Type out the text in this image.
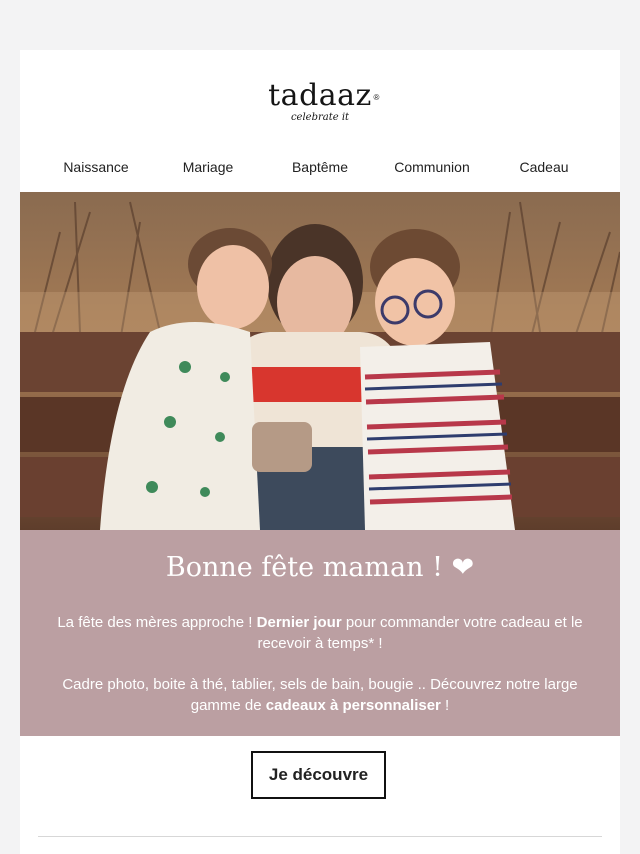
tadaaz ®
celebrate it
Naissance	Mariage	Baptême	Communion	Cadeau
Bonne fête maman ! ❤
La fête des mères approche ! Dernier jour pour commander votre cadeau et le recevoir à temps* !
Cadre photo, boite à thé, tablier, sels de bain, bougie .. Découvrez notre large gamme de cadeaux à personnaliser !
Je découvre
